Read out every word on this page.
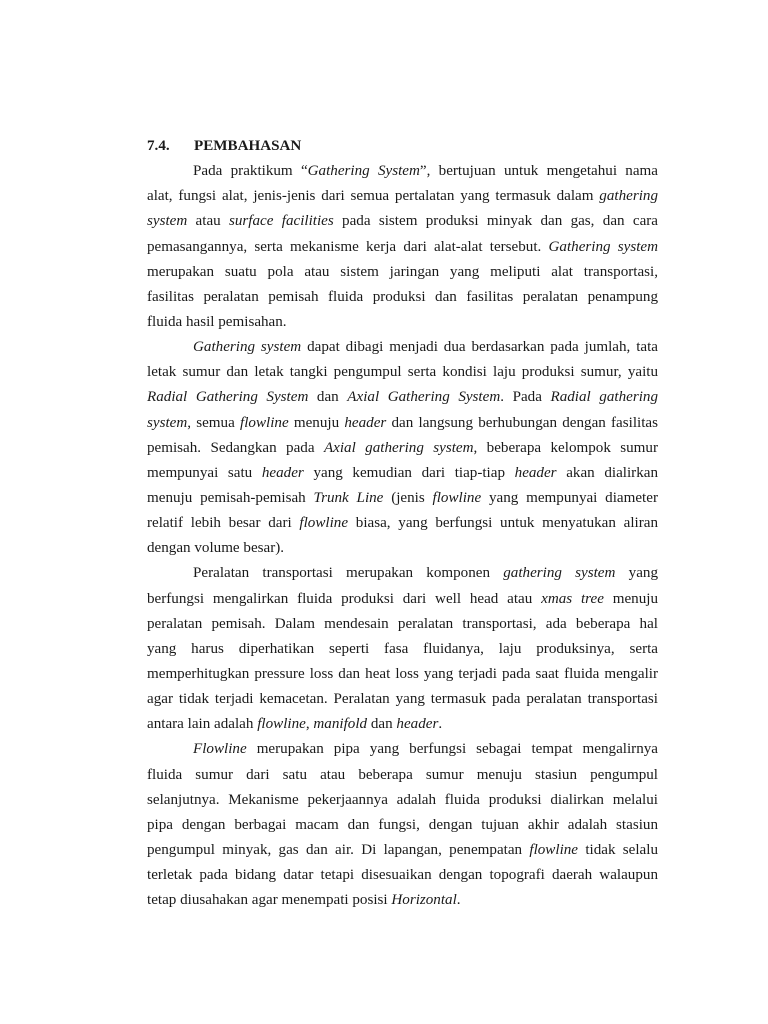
7.4. PEMBAHASAN
Pada praktikum “Gathering System”, bertujuan untuk mengetahui nama
alat, fungsi alat, jenis-jenis dari semua pertalatan yang termasuk dalam gathering
system atau surface facilities pada sistem produksi minyak dan gas, dan cara
pemasangannya, serta mekanisme kerja dari alat-alat tersebut. Gathering system
merupakan suatu pola atau sistem jaringan yang meliputi alat transportasi,
fasilitas peralatan pemisah fluida produksi dan fasilitas peralatan penampung
fluida hasil pemisahan.
Gathering system dapat dibagi menjadi dua berdasarkan pada jumlah, tata
letak sumur dan letak tangki pengumpul serta kondisi laju produksi sumur, yaitu
Radial Gathering System dan Axial Gathering System. Pada Radial gathering
system, semua flowline menuju header dan langsung berhubungan dengan fasilitas
pemisah. Sedangkan pada Axial gathering system, beberapa kelompok sumur
mempunyai satu header yang kemudian dari tiap-tiap header akan dialirkan
menuju pemisah-pemisah Trunk Line (jenis flowline yang mempunyai diameter
relatif lebih besar dari flowline biasa, yang berfungsi untuk menyatukan aliran
dengan volume besar).
Peralatan transportasi merupakan komponen gathering system yang
berfungsi mengalirkan fluida produksi dari well head atau xmas tree menuju
peralatan pemisah. Dalam mendesain peralatan transportasi, ada beberapa hal
yang harus diperhatikan seperti fasa fluidanya, laju produksinya, serta
memperhitugkan pressure loss dan heat loss yang terjadi pada saat fluida mengalir
agar tidak terjadi kemacetan. Peralatan yang termasuk pada peralatan transportasi
antara lain adalah flowline, manifold dan header.
Flowline merupakan pipa yang berfungsi sebagai tempat mengalirnya
fluida sumur dari satu atau beberapa sumur menuju stasiun pengumpul
selanjutnya. Mekanisme pekerjaannya adalah fluida produksi dialirkan melalui
pipa dengan berbagai macam dan fungsi, dengan tujuan akhir adalah stasiun
pengumpul minyak, gas dan air. Di lapangan, penempatan flowline tidak selalu
terletak pada bidang datar tetapi disesuaikan dengan topografi daerah walaupun
tetap diusahakan agar menempati posisi Horizontal.
